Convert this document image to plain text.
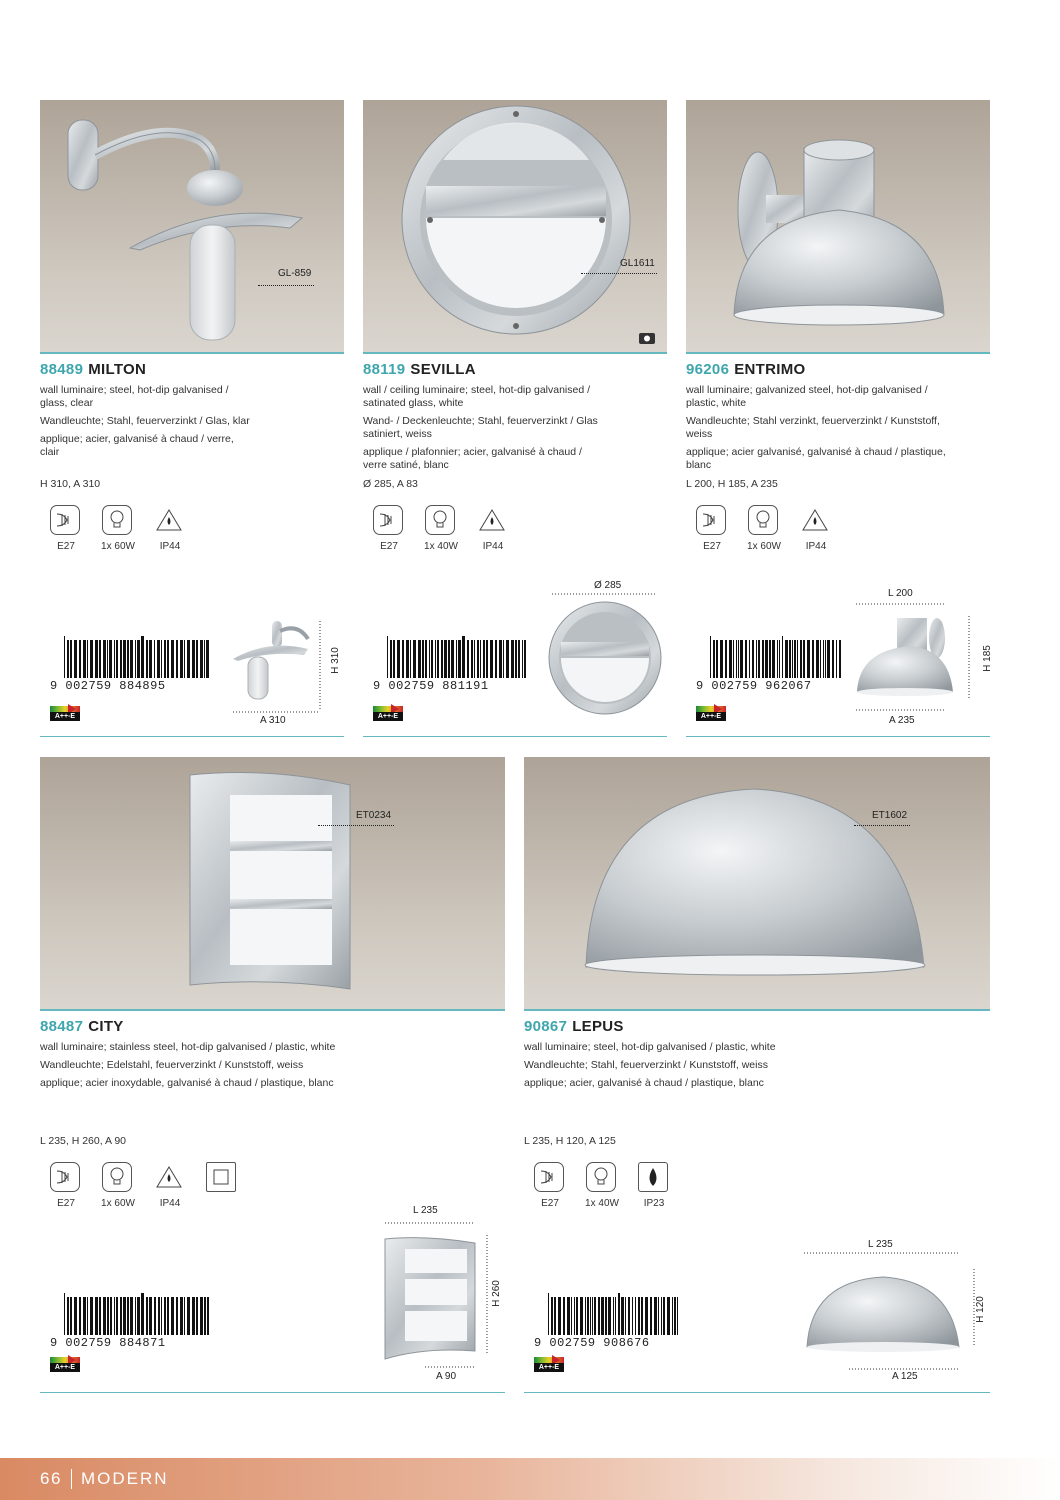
GL-859
88489 MILTON

wall luminaire; steel, hot-dip galvanised / glass, clear

Wandleuchte; Stahl, feuerverzinkt / Glas, klar

applique; acier, galvanisé à chaud / verre, clair

H 310, A 310
E27	1x 60W	IP44
9 002759 884895
A++-E
H 310
A 310
GL1611
88119 SEVILLA

wall / ceiling luminaire; steel, hot-dip galvanised / satinated glass, white

Wand- / Deckenleuchte; Stahl, feuerverzinkt / Glas satiniert, weiss

applique / plafonnier; acier, galvanisé à chaud / verre satiné, blanc

Ø 285, A 83
E27	1x 40W	IP44
9 002759 881191
A++-E
Ø 285
96206 ENTRIMO

wall luminaire; galvanized steel, hot-dip galvanised / plastic, white

Wandleuchte; Stahl verzinkt, feuerverzinkt / Kunststoff, weiss

applique; acier galvanisé, galvanisé à chaud / plastique, blanc

L 200, H 185, A 235
E27	1x 60W	IP44
9 002759 962067
A++-E
L 200
H 185
A 235
ET0234
88487 CITY

wall luminaire; stainless steel, hot-dip galvanised / plastic, white

Wandleuchte; Edelstahl, feuerverzinkt / Kunststoff, weiss

applique; acier inoxydable, galvanisé à chaud / plastique, blanc

L 235, H 260, A 90
E27	1x 60W	IP44
9 002759 884871
A++-E
L 235
H 260
A 90
ET1602
90867 LEPUS

wall luminaire; steel, hot-dip galvanised / plastic, white

Wandleuchte; Stahl, feuerverzinkt / Kunststoff, weiss

applique; acier, galvanisé à chaud / plastique, blanc

L 235, H 120, A 125
E27	1x 40W	IP23
9 002759 908676
A++-E
L 235
H 120
A 125
66 MODERN
